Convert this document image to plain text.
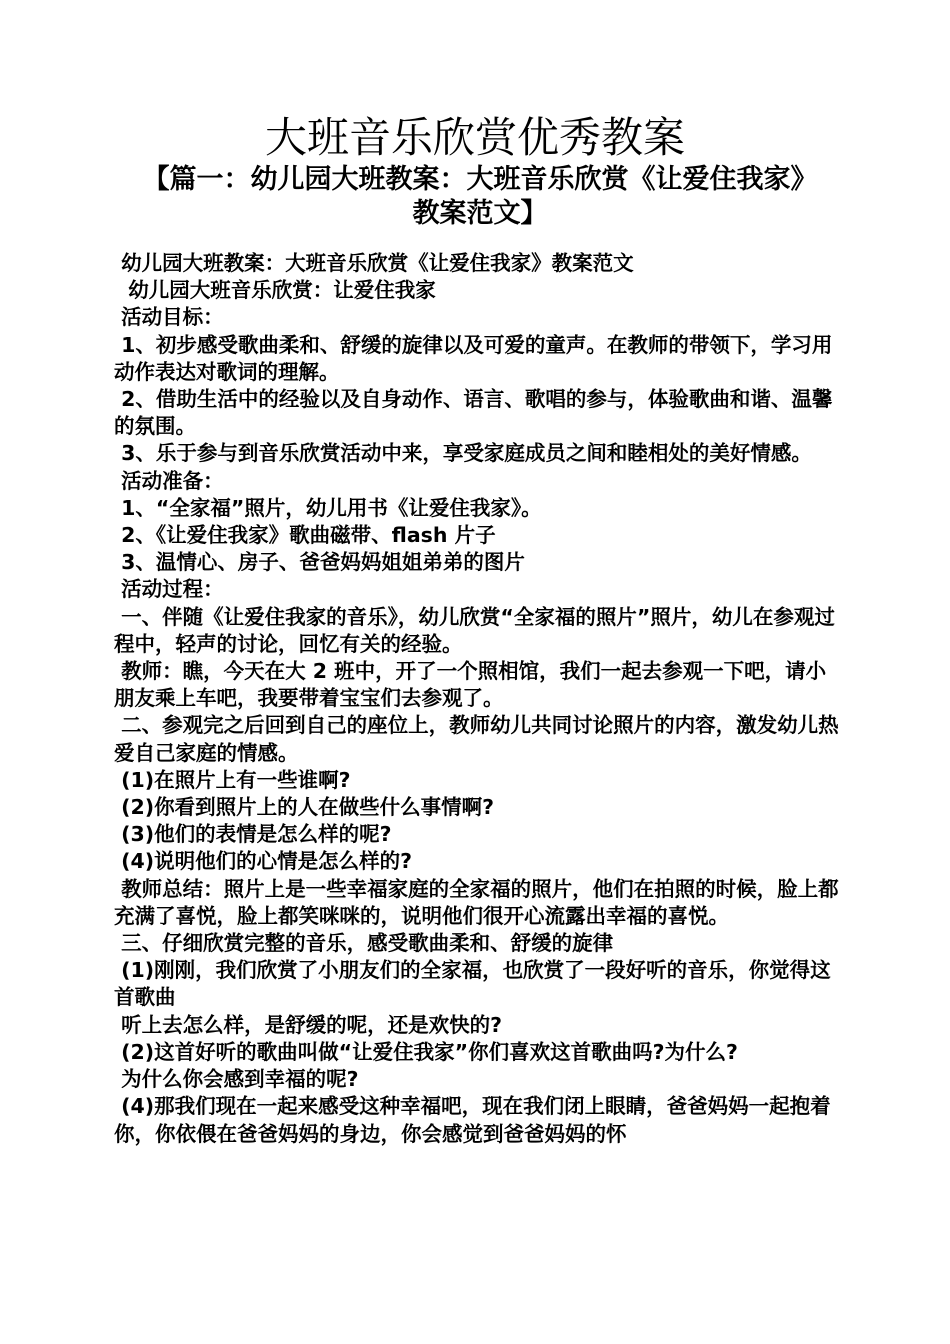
大班音乐欣赏优秀教案
【篇一：幼儿园大班教案：大班音乐欣赏《让爱住我家》教案范文】

幼儿园大班教案：大班音乐欣赏《让爱住我家》教案范文

幼儿园大班音乐欣赏：让爱住我家

活动目标：

1、初步感受歌曲柔和、舒缓的旋律以及可爱的童声。在教师的带领下，学习用动作表达对歌词的理解。

2、借助生活中的经验以及自身动作、语言、歌唱的参与，体验歌曲和谐、温馨的氛围。

3、乐于参与到音乐欣赏活动中来，享受家庭成员之间和睦相处的美好情感。

活动准备：

1、“全家福”照片，幼儿用书《让爱住我家》。

2、《让爱住我家》歌曲磁带、flash 片子

3、温情心、房子、爸爸妈妈姐姐弟弟的图片

活动过程：

一、伴随《让爱住我家的音乐》，幼儿欣赏“全家福的照片”照片，幼儿在参观过程中，轻声的讨论，回忆有关的经验。

教师：瞧，今天在大 2 班中，开了一个照相馆，我们一起去参观一下吧，请小朋友乘上车吧，我要带着宝宝们去参观了。

二、参观完之后回到自己的座位上，教师幼儿共同讨论照片的内容，激发幼儿热爱自己家庭的情感。

(1)在照片上有一些谁啊?

(2)你看到照片上的人在做些什么事情啊?

(3)他们的表情是怎么样的呢?

(4)说明他们的心情是怎么样的?

教师总结：照片上是一些幸福家庭的全家福的照片，他们在拍照的时候，脸上都充满了喜悦，脸上都笑咪咪的，说明他们很开心流露出幸福的喜悦。

三、仔细欣赏完整的音乐，感受歌曲柔和、舒缓的旋律

(1)刚刚，我们欣赏了小朋友们的全家福，也欣赏了一段好听的音乐，你觉得这首歌曲

听上去怎么样，是舒缓的呢，还是欢快的?

(2)这首好听的歌曲叫做“让爱住我家”你们喜欢这首歌曲吗?为什么?

为什么你会感到幸福的呢?

(4)那我们现在一起来感受这种幸福吧，现在我们闭上眼睛，爸爸妈妈一起抱着你，你依偎在爸爸妈妈的身边，你会感觉到爸爸妈妈的怀
